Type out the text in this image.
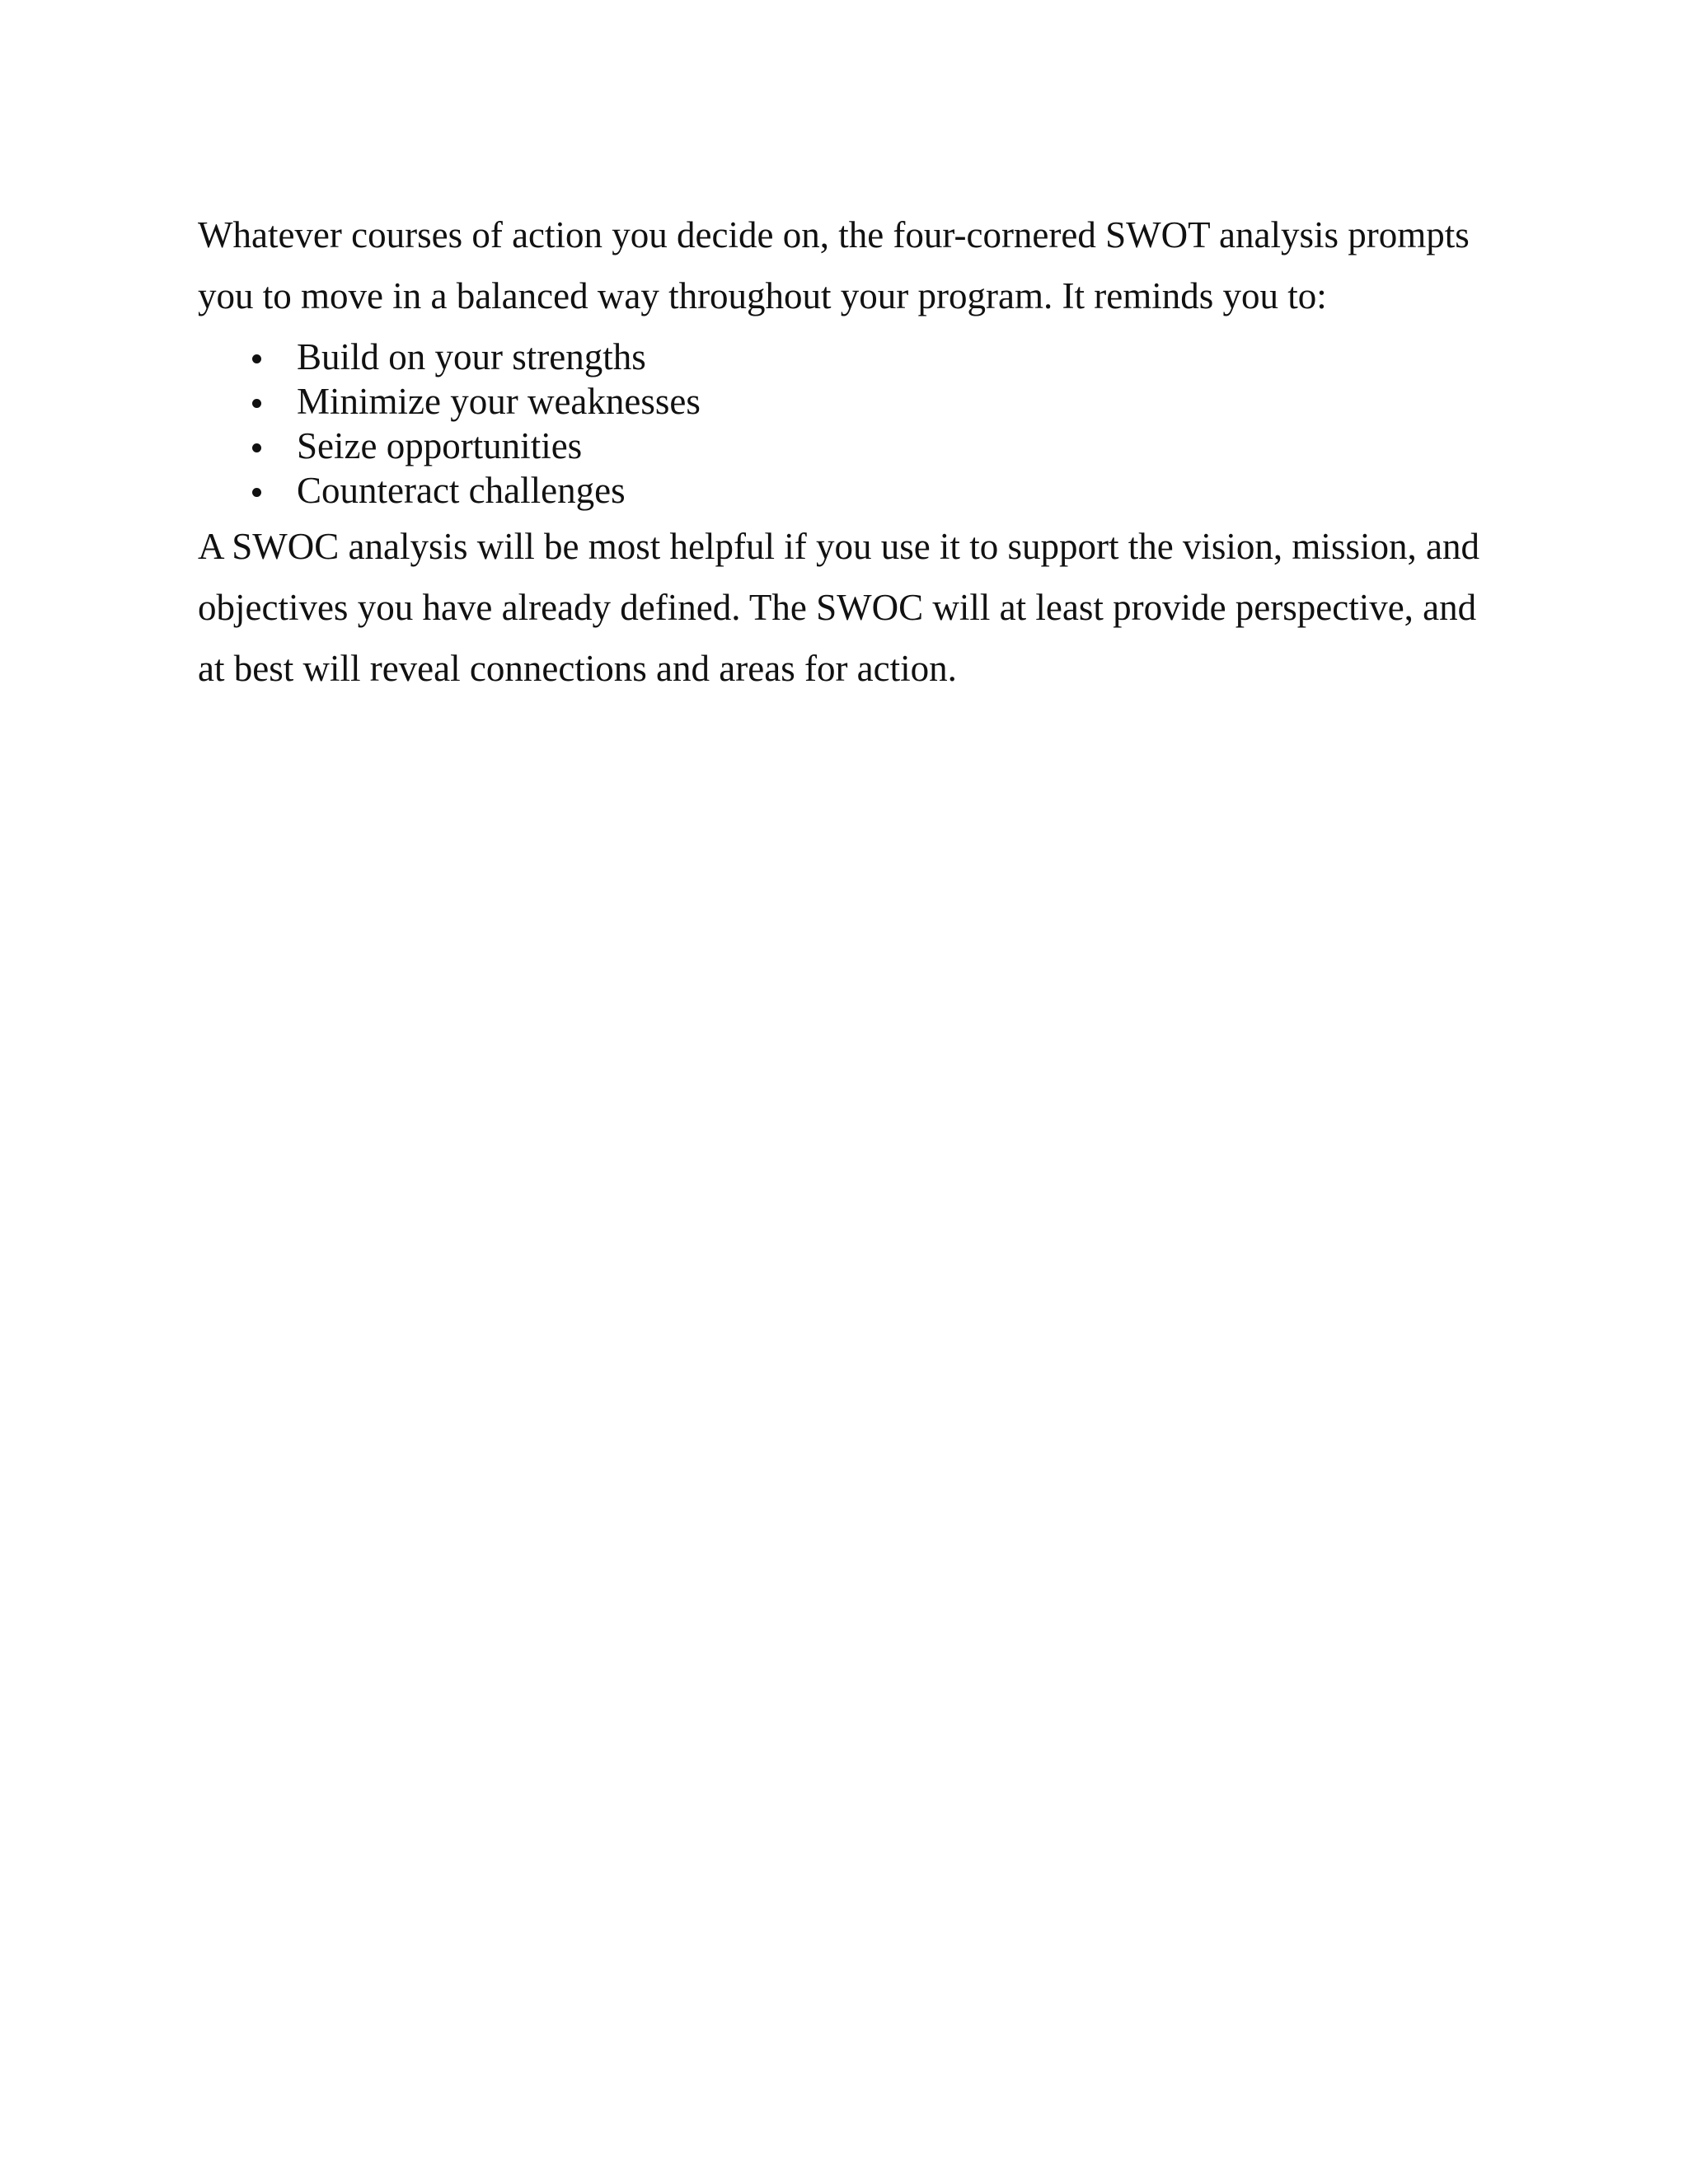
Whatever courses of action you decide on, the four-cornered SWOT analysis prompts you to move in a balanced way throughout your program. It reminds you to:

Build on your strengths
Minimize your weaknesses
Seize opportunities
Counteract challenges

A SWOC analysis will be most helpful if you use it to support the vision, mission, and objectives you have already defined. The SWOC will at least provide perspective, and at best will reveal connections and areas for action.
